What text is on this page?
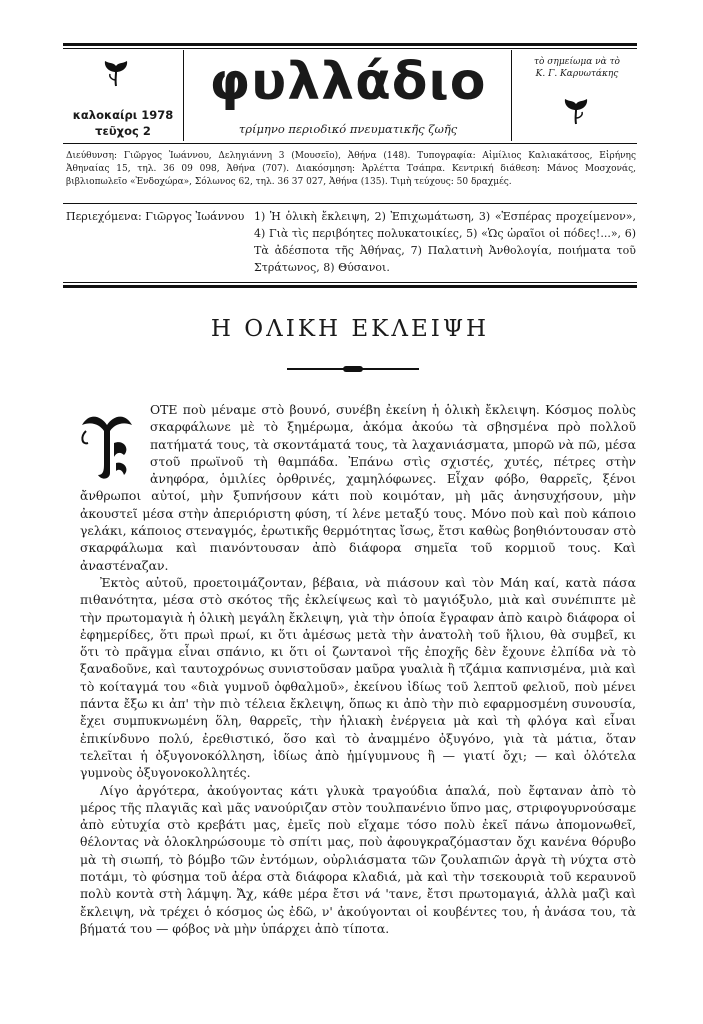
καλοκαίρι 1978
τεῦχος 2
φυλλάδιο
τρίμηνο περιοδικό πνευματικῆς ζωῆς
τὸ σημείωμα νὰ τὸ
Κ. Γ. Καρυωτάκης
Διεύθυνση: Γιῶργος Ἰωάννου, Δεληγιάννη 3 (Μουσεῖο), Ἀθήνα (148). Τυπογραφία: Αἰμίλιος Καλιακάτσος, Εἰρήνης Ἀθηναίας 15, τηλ. 36 09 098, Ἀθήνα (707). Διακόσμηση: Ἀρλέττα Τσάπρα. Κεντρική διάθεση: Μάνος Μοσχονάς, βιβλιοπωλεῖο «Ἐνδοχώρα», Σόλωνος 62, τηλ. 36 37 027, Ἀθήνα (135). Τιμὴ τεύχους: 50 δραχμές.
Περιεχόμενα: Γιῶργος Ἰωάννου 1) Ἡ ὁλικὴ ἔκλειψη, 2) Ἐπιχωμάτωση, 3) «Ἑσπέρας προχείμενον», 4) Γιὰ τὶς περιβόητες πολυκατοικίες, 5) «Ὡς ὡραῖοι οἱ πόδες!...», 6) Τὰ ἀδέσποτα τῆς Ἀθήνας, 7) Παλατινὴ Ἀνθολογία, ποιήματα τοῦ Στράτωνος, 8) Θύσανοι.
Η ΟΛΙΚΗ ΕΚΛΕΙΨΗ
Τ

ΟΤΕ ποὺ μέναμε στὸ βουνό, συνέβη ἐκείνη ἡ ὁλικὴ ἔκλειψη. Κόσμος πολὺς σκαρφάλωνε μὲ τὸ ξημέρωμα, ἀκόμα ἀκούω τὰ σβησμένα πρὸ πολλοῦ πατήματά τους, τὰ σκοντάματά τους, τὰ λαχανιάσματα, μπορῶ νὰ πῶ, μέσα στοῦ πρωϊνοῦ τὴ θαμπάδα. Ἐπάνω στὶς σχιστές, χυτές, πέτρες στὴν ἀνηφόρα, ὁμιλίες ὀρθρινές, χαμηλόφωνες. Εἶχαν φόβο, θαρρεῖς, ξένοι ἄνθρωποι αὐτοί, μὴν ξυπνήσουν κάτι ποὺ κοιμόταν, μὴ μᾶς ἀνησυχήσουν, μὴν ἀκουστεῖ μέσα στὴν ἀπεριόριστη φύση, τί λένε μεταξύ τους. Μόνο ποὺ καὶ ποὺ κάποιο γελάκι, κάποιος στεναγμός, ἐρωτικῆς θερμότητας ἴσως, ἔτσι καθὼς βοηθιόντουσαν στὸ σκαρφάλωμα καὶ πιανόντουσαν ἀπὸ διάφορα σημεῖα τοῦ κορμιοῦ τους. Καὶ ἀναστέναζαν.

Ἐκτὸς αὐτοῦ, προετοιμάζονταν, βέβαια, νὰ πιάσουν καὶ τὸν Μάη καί, κατὰ πάσα πιθανότητα, μέσα στὸ σκότος τῆς ἐκλείψεως καὶ τὸ μαγιόξυλο, μιὰ καὶ συνέπιπτε μὲ τὴν πρωτομαγιὰ ἡ ὁλικὴ μεγάλη ἔκλειψη, γιὰ τὴν ὁποία ἔγραφαν ἀπὸ καιρὸ διάφορα οἱ ἐφημερίδες, ὅτι πρωὶ πρωί, κι ὅτι ἀμέσως μετὰ τὴν ἀνατολὴ τοῦ ἥλιου, θὰ συμβεῖ, κι ὅτι τὸ πρᾶγμα εἶναι σπάνιο, κι ὅτι οἱ ζωντανοὶ τῆς ἐποχῆς δὲν ἔχουνε ἐλπίδα νὰ τὸ ξαναδοῦνε, καὶ ταυτοχρόνως συνιστοῦσαν μαῦρα γυαλιὰ ἢ τζάμια καπνισμένα, μιὰ καὶ τὸ κοίταγμά του «διὰ γυμνοῦ ὀφθαλμοῦ», ἐκείνου ἰδίως τοῦ λεπτοῦ φελιοῦ, ποὺ μένει πάντα ἔξω κι ἀπ' τὴν πιὸ τέλεια ἔκλειψη, ὅπως κι ἀπὸ τὴν πιὸ εφαρμοσμένη συνουσία, ἔχει συμπυκνωμένη ὅλη, θαρρεῖς, τὴν ἡλιακὴ ἐνέργεια μὰ καὶ τὴ φλόγα καὶ εἶναι ἐπικίνδυνο πολύ, ἐρεθιστικό, ὅσο καὶ τὸ ἀναμμένο ὀξυγόνο, γιὰ τὰ μάτια, ὅταν τελεῖται ἡ ὀξυγονοκόλληση, ἰδίως ἀπὸ ἡμίγυμνους ἢ — γιατί ὄχι; — καὶ ὁλότελα γυμνοὺς ὀξυγονοκολλητές.

Λίγο ἀργότερα, ἀκούγοντας κάτι γλυκὰ τραγούδια ἁπαλά, ποὺ ἔφταναν ἀπὸ τὸ μέρος τῆς πλαγιᾶς καὶ μᾶς νανούριζαν στὸν τουλπανένιο ὕπνο μας, στριφογυρνούσαμε ἀπὸ εὐτυχία στὸ κρεβάτι μας, ἐμεῖς ποὺ εἴχαμε τόσο πολὺ ἐκεῖ πάνω ἀπομονωθεῖ, θέλοντας νὰ ὁλοκληρώσουμε τὸ σπίτι μας, ποὺ ἀφουγκραζόμασταν ὄχι κανένα θόρυβο μὰ τὴ σιωπή, τὸ βόμβο τῶν ἐντόμων, οὐρλιάσματα τῶν ζουλαπιῶν ἀργὰ τὴ νύχτα στὸ ποτάμι, τὸ φύσημα τοῦ ἀέρα στὰ διάφορα κλαδιά, μὰ καὶ τὴν τσεκουριὰ τοῦ κεραυνοῦ πολὺ κοντὰ στὴ λάμψη. Ἄχ, κάθε μέρα ἔτσι νά 'τανε, ἔτσι πρωτομαγιά, ἀλλὰ μαζὶ καὶ ἔκλειψη, νὰ τρέχει ὁ κόσμος ὡς ἐδῶ, ν' ἀκούγονται οἱ κουβέντες του, ἡ ἀνάσα του, τὰ βήματά του — φόβος νὰ μὴν ὑπάρχει ἀπὸ τίποτα.
